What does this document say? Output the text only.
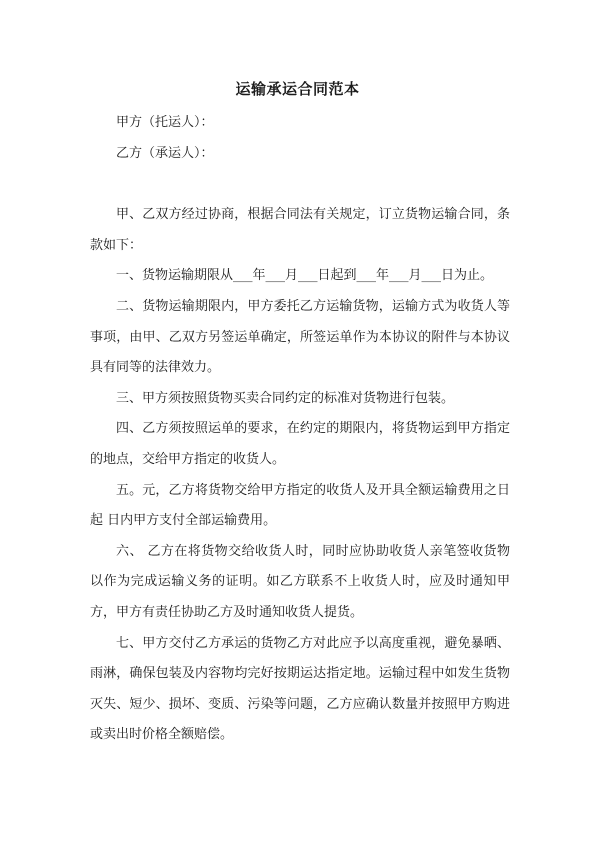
运输承运合同范本

甲方（托运人）：

乙方（承运人）：

甲、乙双方经过协商，根据合同法有关规定，订立货物运输合同，条款如下：

一、货物运输期限从___年___月___日起到___年___月___日为止。

二、货物运输期限内，甲方委托乙方运输货物，运输方式为收货人等事项，由甲、乙双方另签运单确定，所签运单作为本协议的附件与本协议具有同等的法律效力。

三、甲方须按照货物买卖合同约定的标准对货物进行包装。

四、乙方须按照运单的要求，在约定的期限内，将货物运到甲方指定的地点，交给甲方指定的收货人。

五。元，乙方将货物交给甲方指定的收货人及开具全额运输费用之日起 日内甲方支付全部运输费用。

六、 乙方在将货物交给收货人时，同时应协助收货人亲笔签收货物以作为完成运输义务的证明。如乙方联系不上收货人时，应及时通知甲方，甲方有责任协助乙方及时通知收货人提货。

七、甲方交付乙方承运的货物乙方对此应予以高度重视，避免暴晒、雨淋，确保包装及内容物均完好按期运达指定地。运输过程中如发生货物灭失、短少、损坏、变质、污染等问题，乙方应确认数量并按照甲方购进或卖出时价格全额赔偿。
